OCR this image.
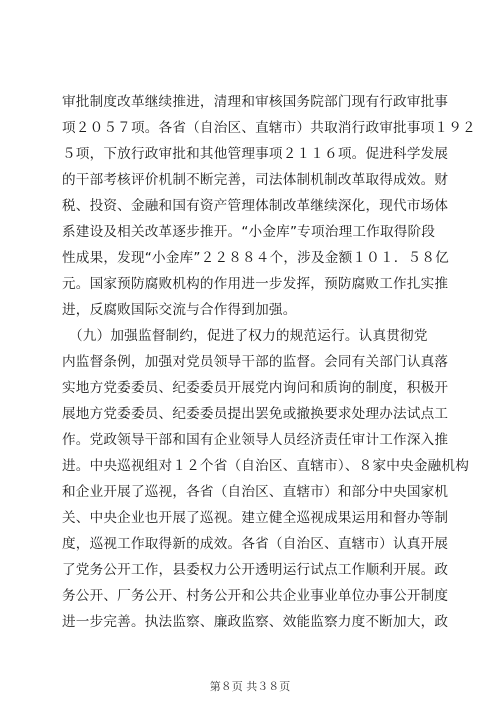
审批制度改革继续推进，清理和审核国务院部门现有行政审批事
项２０５７项。各省（自治区、直辖市）共取消行政审批事项１９２
５项，下放行政审批和其他管理事项２１１６项。促进科学发展
的干部考核评价机制不断完善，司法体制机制改革取得成效。财
税、投资、金融和国有资产管理体制改革继续深化，现代市场体
系建设及相关改革逐步推开。“小金库”专项治理工作取得阶段
性成果，发现“小金库”２２８８４个，涉及金额１０１．５８亿
元。国家预防腐败机构的作用进一步发挥，预防腐败工作扎实推
进，反腐败国际交流与合作得到加强。
　（九）加强监督制约，促进了权力的规范运行。认真贯彻党
内监督条例，加强对党员领导干部的监督。会同有关部门认真落
实地方党委委员、纪委委员开展党内询问和质询的制度，积极开
展地方党委委员、纪委委员提出罢免或撤换要求处理办法试点工
作。党政领导干部和国有企业领导人员经济责任审计工作深入推
进。中央巡视组对１２个省（自治区、直辖市）、８家中央金融机构
和企业开展了巡视，各省（自治区、直辖市）和部分中央国家机
关、中央企业也开展了巡视。建立健全巡视成果运用和督办等制
度，巡视工作取得新的成效。各省（自治区、直辖市）认真开展
了党务公开工作，县委权力公开透明运行试点工作顺利开展。政
务公开、厂务公开、村务公开和公共企业事业单位办事公开制度
进一步完善。执法监察、廉政监察、效能监察力度不断加大，政
第８页 共３８页
